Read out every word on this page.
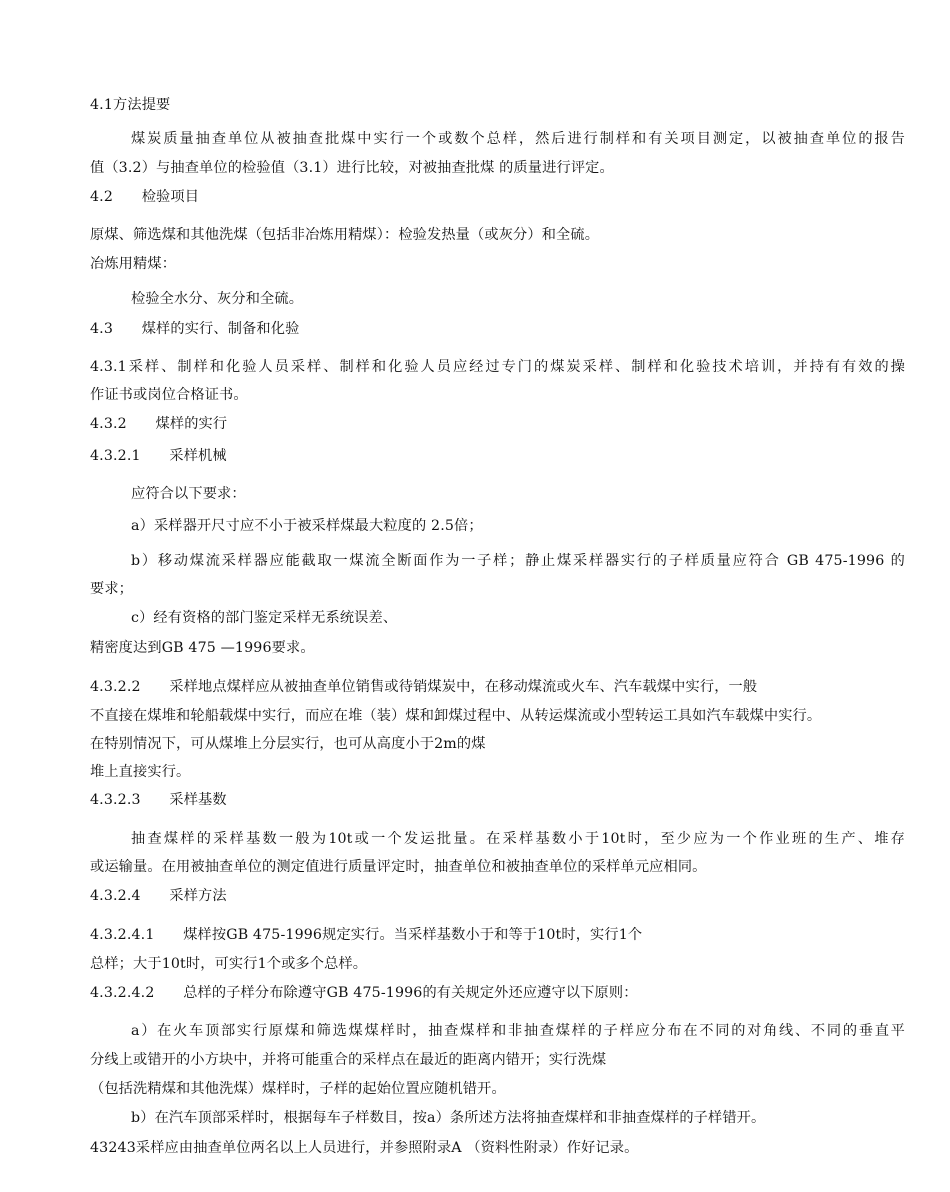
4.1方法提要
煤炭质量抽查单位从被抽查批煤中实行一个或数个总样，然后进行制样和有关项目测定，以被抽查单位的报告
值（3.2）与抽查单位的检验值（3.1）进行比较，对被抽查批煤 的质量进行评定。
4.2　　检验项目
原煤、筛选煤和其他洗煤（包括非冶炼用精煤）：检验发热量（或灰分）和全硫。
冶炼用精煤：
检验全水分、灰分和全硫。
4.3　　煤样的实行、制备和化验
4.3.1采样、制样和化验人员采样、制样和化验人员应经过专门的煤炭采样、制样和化验技术培训，并持有有效的操
作证书或岗位合格证书。
4.3.2　　煤样的实行
4.3.2.1　　采样机械
应符合以下要求：
a）采样器开尺寸应不小于被采样煤最大粒度的 2.5倍；
b）移动煤流采样器应能截取一煤流全断面作为一子样；静止煤采样器实行的子样质量应符合 GB 475-1996 的
要求；
c）经有资格的部门鉴定采样无系统误差、
精密度达到GB 475 —1996要求。
4.3.2.2　　采样地点煤样应从被抽查单位销售或待销煤炭中，在移动煤流或火车、汽车载煤中实行，一般
不直接在煤堆和轮船载煤中实行，而应在堆（装）煤和卸煤过程中、从转运煤流或小型转运工具如汽车载煤中实行。
在特别情况下，可从煤堆上分层实行，也可从高度小于2m的煤
堆上直接实行。
4.3.2.3　　采样基数
抽查煤样的采样基数一般为10t或一个发运批量。在采样基数小于10t时，至少应为一个作业班的生产、堆存
或运输量。在用被抽查单位的测定值进行质量评定时，抽查单位和被抽查单位的采样单元应相同。
4.3.2.4　　采样方法
4.3.2.4.1　　煤样按GB 475-1996规定实行。当采样基数小于和等于10t时，实行1个
总样；大于10t时，可实行1个或多个总样。
4.3.2.4.2　　总样的子样分布除遵守GB 475-1996的有关规定外还应遵守以下原则：
a）在火车顶部实行原煤和筛选煤煤样时，抽查煤样和非抽查煤样的子样应分布在不同的对角线、不同的垂直平
分线上或错开的小方块中，并将可能重合的采样点在最近的距离内错开；实行洗煤
（包括洗精煤和其他洗煤）煤样时，子样的起始位置应随机错开。
b）在汽车顶部采样时，根据每车子样数目，按a）条所述方法将抽查煤样和非抽查煤样的子样错开。
43243采样应由抽查单位两名以上人员进行，并参照附录A （资料性附录）作好记录。
